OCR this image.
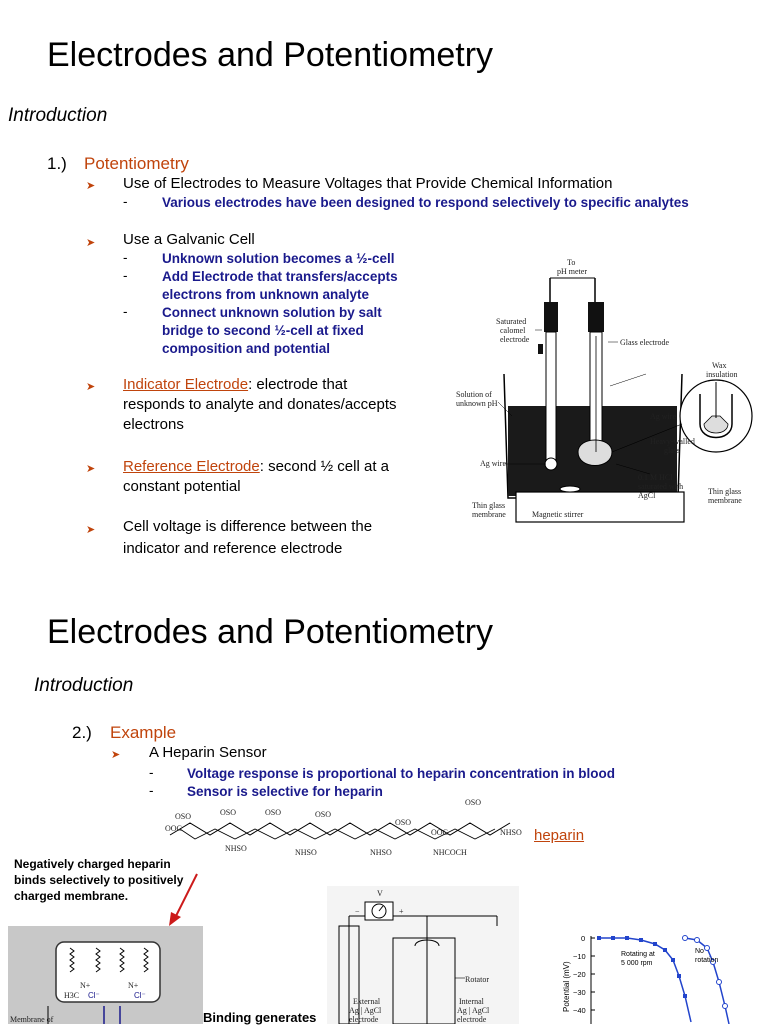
Electrodes and Potentiometry
Introduction
1.) Potentiometry
➤ Use of Electrodes to Measure Voltages that Provide Chemical Information
-	Various electrodes have been designed to respond selectively to specific analytes
➤ Use a Galvanic Cell
-	Unknown solution becomes a ½-cell
-	Add Electrode that transfers/accepts
electrons from unknown analyte
-	Connect unknown solution by salt
bridge to second ½-cell at fixed
composition and potential
➤ Indicator Electrode: electrode that
responds to analyte and donates/accepts
electrons
➤ Reference Electrode: second ½ cell at a
constant potential
➤ Cell voltage is difference between the
indicator and reference electrode
To
pH meter
Saturated
calomel
electrode	Glass electrode
Wax
insulation
Solution of
unknown pH
Ag wire
Heavy-walled
glass
Ag wire
0.1 M HCl
saturated with
AgCl
Thin glass
membrane	Magnetic stirrer
Thin glass
membrane
Electrodes and Potentiometry
Introduction
2.) Example
➤ A Heparin Sensor
- Voltage response is proportional to heparin concentration in blood
- Sensor is selective for heparin
OSO	OSO	OSO	OSO
OSO
OSO
OOC	OOC	NHSO
NHSO	NHSO	NHSO	NHCOCH
heparin
Negatively charged heparin
binds selectively to positively
charged membrane.
N+	N+
H3C Cl⁻	Cl⁻
Membrane of	Binding generates
V
−	+
Rotator
External
Ag | AgCl
electrode
Internal
Ag | AgCl
electrode
Potential (mV)
0
−10
−20
−30
−40
Rotating at
5 000 rpm
No
rotation
